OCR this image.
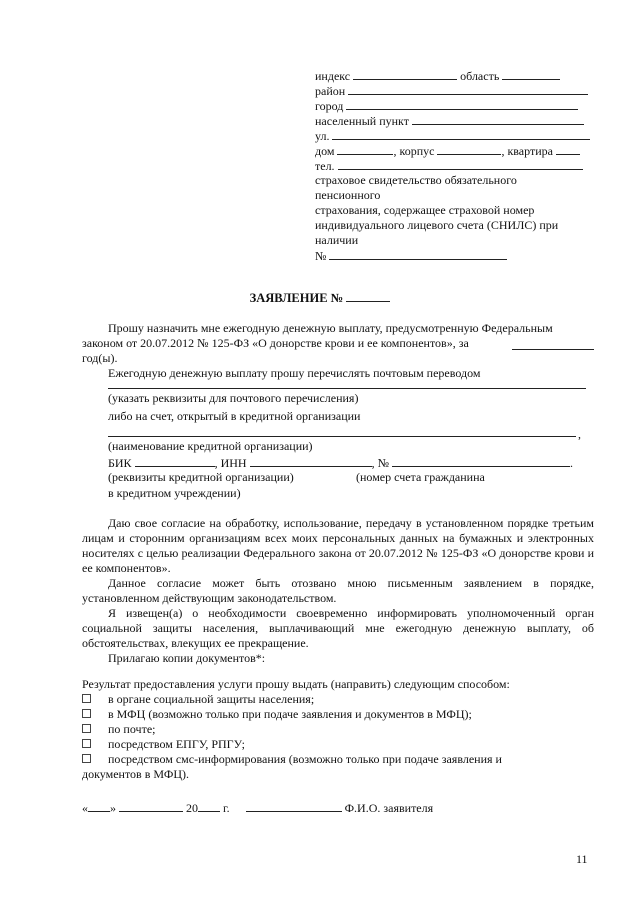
индекс	область
район
город
населенный пункт
ул.
дом	, корпус	, квартира
тел.
страховое свидетельство обязательного
пенсионного
страхования, содержащее страховой номер
индивидуального лицевого счета (СНИЛС) при
наличии
№
ЗАЯВЛЕНИЕ №
Прошу назначить мне ежегодную денежную выплату, предусмотренную Федеральным
законом от 20.07.2012 № 125-ФЗ «О донорстве крови и ее компонентов», за
год(ы).
Ежегодную денежную выплату прошу перечислять почтовым переводом
(указать реквизиты для почтового перечисления)
либо на счет, открытый в кредитной организации
,
(наименование кредитной организации)
БИК	, ИНН	, №	.
(реквизиты кредитной организации)	(номер счета гражданина
в кредитном учреждении)
Даю свое согласие на обработку, использование, передачу в установленном порядке третьим лицам и сторонним организациям всех моих персональных данных на бумажных и электронных носителях с целью реализации Федерального закона от 20.07.2012 № 125-ФЗ «О донорстве крови и ее компонентов».
Данное согласие может быть отозвано мною письменным заявлением в порядке, установленном действующим законодательством.
Я извещен(а) о необходимости своевременно информировать уполномоченный орган социальной защиты населения, выплачивающий мне ежегодную денежную выплату, об обстоятельствах, влекущих ее прекращение.
Прилагаю копии документов*:
Результат предоставления услуги прошу выдать (направить) следующим способом:
в органе социальной защиты населения;
в МФЦ (возможно только при подаче заявления и документов в МФЦ);
по почте;
посредством ЕПГУ, РПГУ;
посредством смс-информирования (возможно только при подаче заявления и
документов в МФЦ).
« »	20 г.	Ф.И.О. заявителя
11
